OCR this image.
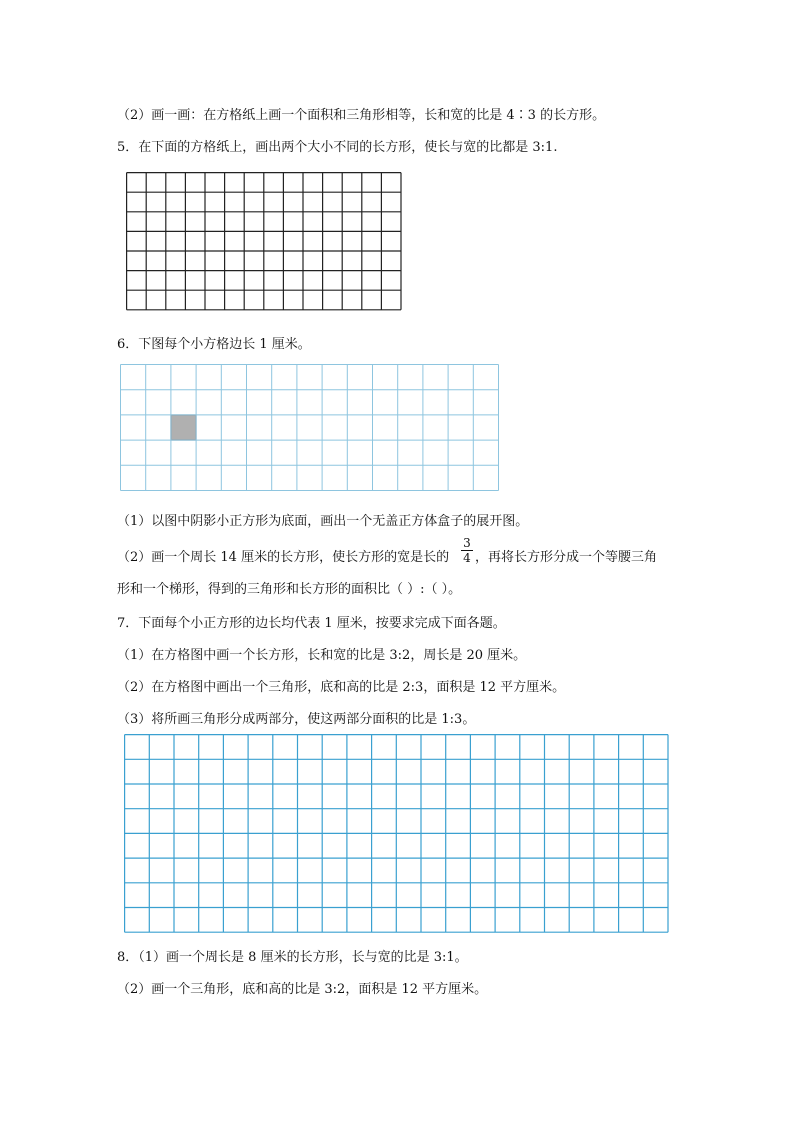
（2）画一画：在方格纸上画一个面积和三角形相等，长和宽的比是 4∶3 的长方形。
5．在下面的方格纸上，画出两个大小不同的长方形，使长与宽的比都是 3:1.
6．下图每个小方格边长 1 厘米。
（1）以图中阴影小正方形为底面，画出一个无盖正方体盒子的展开图。
（2）画一个周长 14 厘米的长方形，使长方形的宽是长的 ，再将长方形分成一个等腰三角
$\frac{3}{4}$
形和一个梯形，得到的三角形和长方形的面积比（ ）:（ ）。
7．下面每个小正方形的边长均代表 1 厘米，按要求完成下面各题。
（1）在方格图中画一个长方形，长和宽的比是 3:2，周长是 20 厘米。
（2）在方格图中画出一个三角形，底和高的比是 2:3，面积是 12 平方厘米。
（3）将所画三角形分成两部分，使这两部分面积的比是 1:3。
8．（1）画一个周长是 8 厘米的长方形，长与宽的比是 3:1。
（2）画一个三角形，底和高的比是 3:2，面积是 12 平方厘米。
